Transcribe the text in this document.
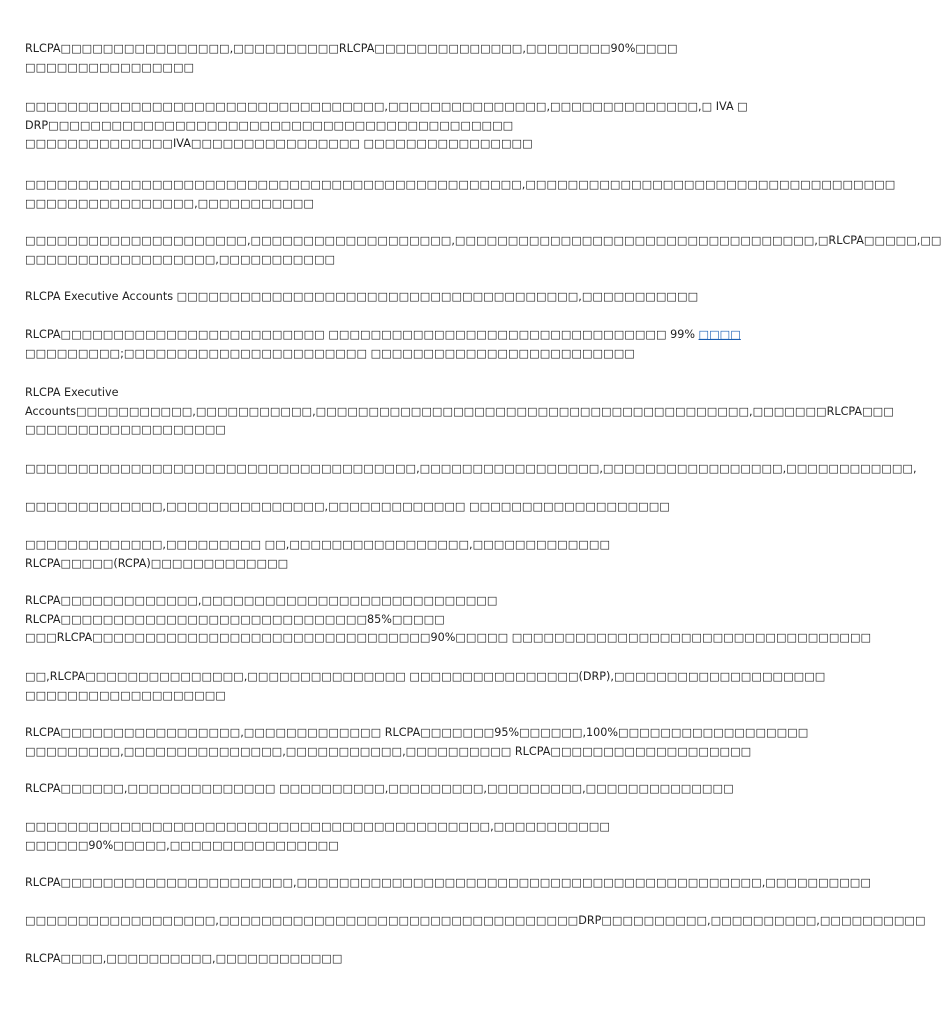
RLCPA□□□□□□□□□□□□□□□□,□□□□□□□□□□RLCPA□□□□□□□□□□□□□□,□□□□□□□□90%□□□□
□□□□□□□□□□□□□□□□
□□□□□□□□□□□□□□□□□□□□□□□□□□□□□□□□□□,□□□□□□□□□□□□□□□,□□□□□□□□□□□□□□,□ IVA □
DRP□□□□□□□□□□□□□□□□□□□□□□□□□□□□□□□□□□□□□□□□□□□□
□□□□□□□□□□□□□□IVA□□□□□□□□□□□□□□□□ □□□□□□□□□□□□□□□□
□□□□□□□□□□□□□□□□□□□□□□□□□□□□□□□□□□□□□□□□□□□□□□□,□□□□□□□□□□□□□□□□□□□□□□□□□□□□□□□□□□□
□□□□□□□□□□□□□□□□,□□□□□□□□□□□
□□□□□□□□□□□□□□□□□□□□□,□□□□□□□□□□□□□□□□□□□,□□□□□□□□□□□□□□□□□□□□□□□□□□□□□□□□□□,□RLCPA□□□□□,□□
□□□□□□□□□□□□□□□□□□,□□□□□□□□□□□
RLCPA Executive Accounts □□□□□□□□□□□□□□□□□□□□□□□□□□□□□□□□□□□□□□,□□□□□□□□□□□
RLCPA□□□□□□□□□□□□□□□□□□□□□□□□□ □□□□□□□□□□□□□□□□□□□□□□□□□□□□□□□□ 99% □□□□
□□□□□□□□□;□□□□□□□□□□□□□□□□□□□□□□□ □□□□□□□□□□□□□□□□□□□□□□□□□
RLCPA Executive
Accounts□□□□□□□□□□□,□□□□□□□□□□□,□□□□□□□□□□□□□□□□□□□□□□□□□□□□□□□□□□□□□□□□□,□□□□□□□RLCPA□□□
□□□□□□□□□□□□□□□□□□□
□□□□□□□□□□□□□□□□□□□□□□□□□□□□□□□□□□□□□,□□□□□□□□□□□□□□□□□,□□□□□□□□□□□□□□□□□,□□□□□□□□□□□□,
□□□□□□□□□□□□□,□□□□□□□□□□□□□□□,□□□□□□□□□□□□□ □□□□□□□□□□□□□□□□□□□
□□□□□□□□□□□□□,□□□□□□□□□ □□,□□□□□□□□□□□□□□□□□,□□□□□□□□□□□□□
RLCPA□□□□□(RCPA)□□□□□□□□□□□□□
RLCPA□□□□□□□□□□□□□,□□□□□□□□□□□□□□□□□□□□□□□□□□□□
RLCPA□□□□□□□□□□□□□□□□□□□□□□□□□□□□□85%□□□□□
□□□RLCPA□□□□□□□□□□□□□□□□□□□□□□□□□□□□□□□□90%□□□□□ □□□□□□□□□□□□□□□□□□□□□□□□□□□□□□□□□□
□□,RLCPA□□□□□□□□□□□□□□□,□□□□□□□□□□□□□□□ □□□□□□□□□□□□□□□□(DRP),□□□□□□□□□□□□□□□□□□□□
□□□□□□□□□□□□□□□□□□□
RLCPA□□□□□□□□□□□□□□□□□,□□□□□□□□□□□□□ RLCPA□□□□□□□95%□□□□□□,100%□□□□□□□□□□□□□□□□□□
□□□□□□□□□,□□□□□□□□□□□□□□□,□□□□□□□□□□□,□□□□□□□□□□ RLCPA□□□□□□□□□□□□□□□□□□□
RLCPA□□□□□□,□□□□□□□□□□□□□□ □□□□□□□□□□,□□□□□□□□□,□□□□□□□□□,□□□□□□□□□□□□□□
□□□□□□□□□□□□□□□□□□□□□□□□□□□□□□□□□□□□□□□□□□□□,□□□□□□□□□□□
□□□□□□90%□□□□□,□□□□□□□□□□□□□□□□
RLCPA□□□□□□□□□□□□□□□□□□□□□□,□□□□□□□□□□□□□□□□□□□□□□□□□□□□□□□□□□□□□□□□□□□□,□□□□□□□□□□
□□□□□□□□□□□□□□□□□□,□□□□□□□□□□□□□□□□□□□□□□□□□□□□□□□□□□DRP□□□□□□□□□□,□□□□□□□□□□,□□□□□□□□□□
RLCPA□□□□,□□□□□□□□□□,□□□□□□□□□□□□
